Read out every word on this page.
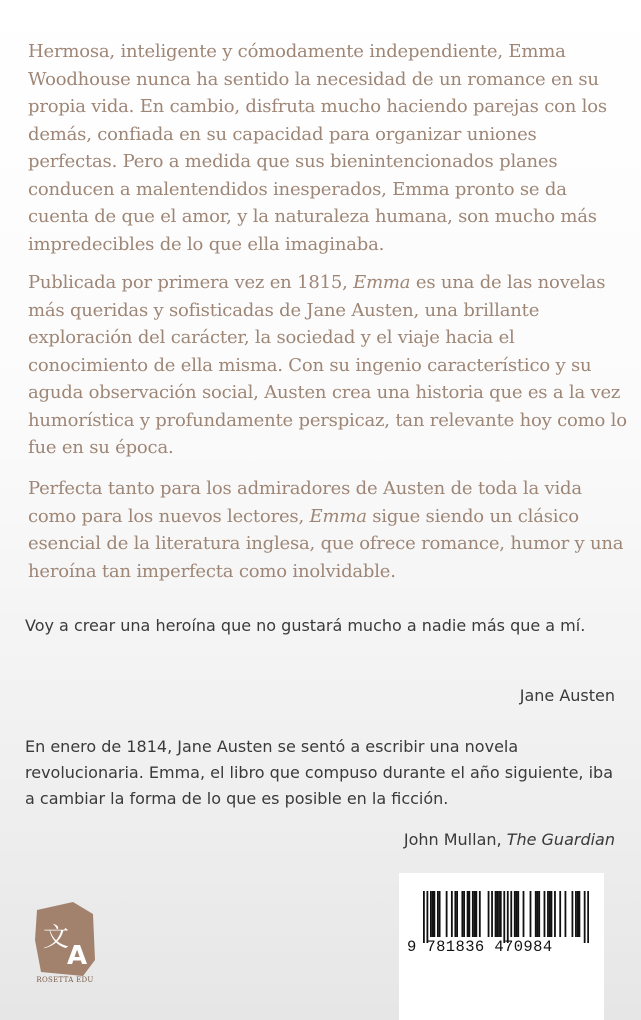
Hermosa, inteligente y cómodamente independiente, Emma Woodhouse nunca ha sentido la necesidad de un romance en su propia vida. En cambio, disfruta mucho haciendo parejas con los demás, confiada en su capacidad para organizar uniones perfectas. Pero a medida que sus bienintencionados planes conducen a malentendidos inesperados, Emma pronto se da cuenta de que el amor, y la naturaleza humana, son mucho más impredecibles de lo que ella imaginaba.

Publicada por primera vez en 1815, Emma es una de las novelas más queridas y sofisticadas de Jane Austen, una brillante exploración del carácter, la sociedad y el viaje hacia el conocimiento de ella misma. Con su ingenio característico y su aguda observación social, Austen crea una historia que es a la vez humorística y profundamente perspicaz, tan relevante hoy como lo fue en su época.

Perfecta tanto para los admiradores de Austen de toda la vida como para los nuevos lectores, Emma sigue siendo un clásico esencial de la literatura inglesa, que ofrece romance, humor y una heroína tan imperfecta como inolvidable.

Voy a crear una heroína que no gustará mucho a nadie más que a mí.

Jane Austen

En enero de 1814, Jane Austen se sentó a escribir una novela revolucionaria. Emma, el libro que compuso durante el año siguiente, iba a cambiar la forma de lo que es posible en la ficción.

John Mullan, The Guardian

文
A
ROSETTA EDU
9 781836 470984
